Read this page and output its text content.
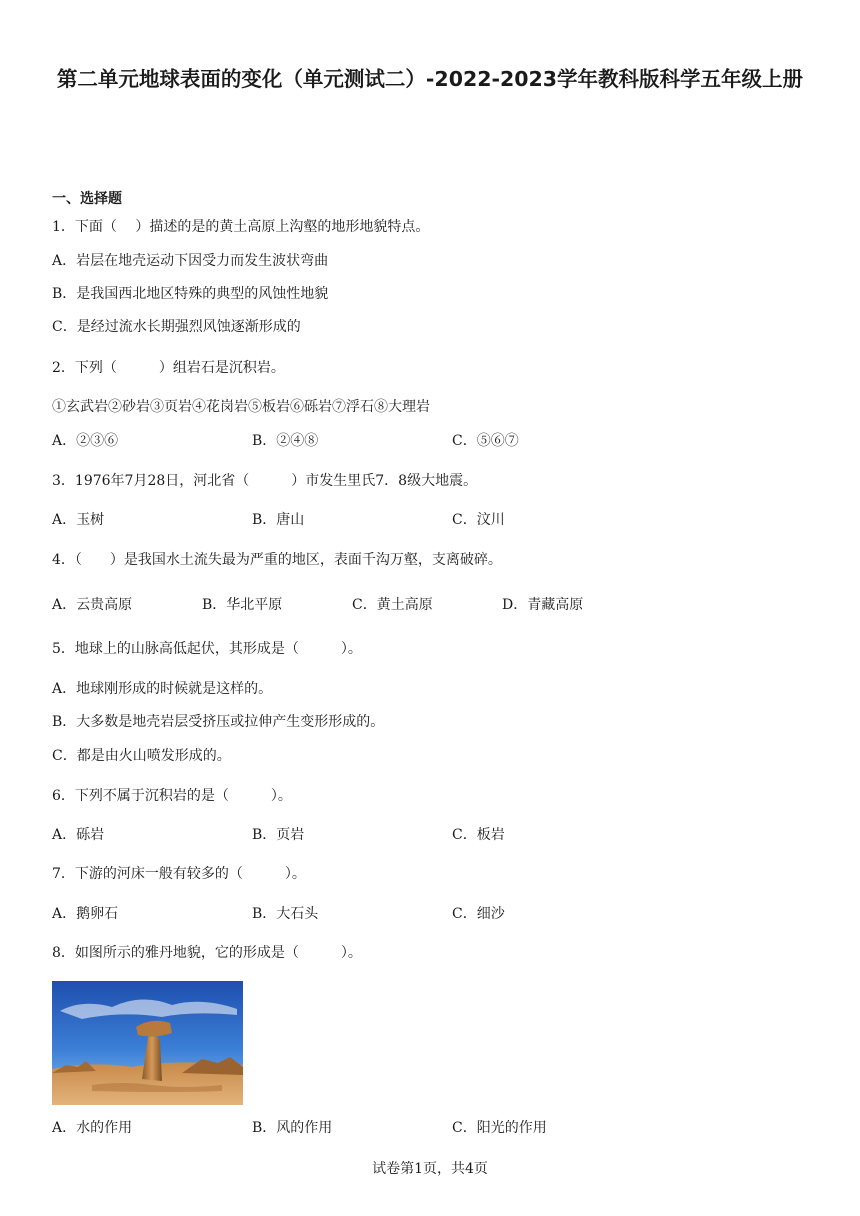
第二单元地球表面的变化（单元测试二）-2022-2023学年教科版科学五年级上册
一、选择题
1．下面（　 ）描述的是的黄土高原上沟壑的地形地貌特点。
A．岩层在地壳运动下因受力而发生波状弯曲
B．是我国西北地区特殊的典型的风蚀性地貌
C．是经过流水长期强烈风蚀逐渐形成的
2．下列（　　　）组岩石是沉积岩。
①玄武岩②砂岩③页岩④花岗岩⑤板岩⑥砾岩⑦浮石⑧大理岩
A．②③⑥	B．②④⑧	C．⑤⑥⑦
3．1976年7月28日，河北省（　　　）市发生里氏7．8级大地震。
A．玉树	B．唐山	C．汶川
4．（　　）是我国水土流失最为严重的地区，表面千沟万壑，支离破碎。
A．云贵高原	B．华北平原	C．黄土高原	D．青藏高原
5．地球上的山脉高低起伏，其形成是（　　　）。
A．地球刚形成的时候就是这样的。
B．大多数是地壳岩层受挤压或拉伸产生变形形成的。
C．都是由火山喷发形成的。
6．下列不属于沉积岩的是（　　　）。
A．砾岩	B．页岩	C．板岩
7．下游的河床一般有较多的（　　　）。
A．鹅卵石	B．大石头	C．细沙
8．如图所示的雅丹地貌，它的形成是（　　　）。
A．水的作用	B．风的作用	C．阳光的作用
试卷第1页，共4页
